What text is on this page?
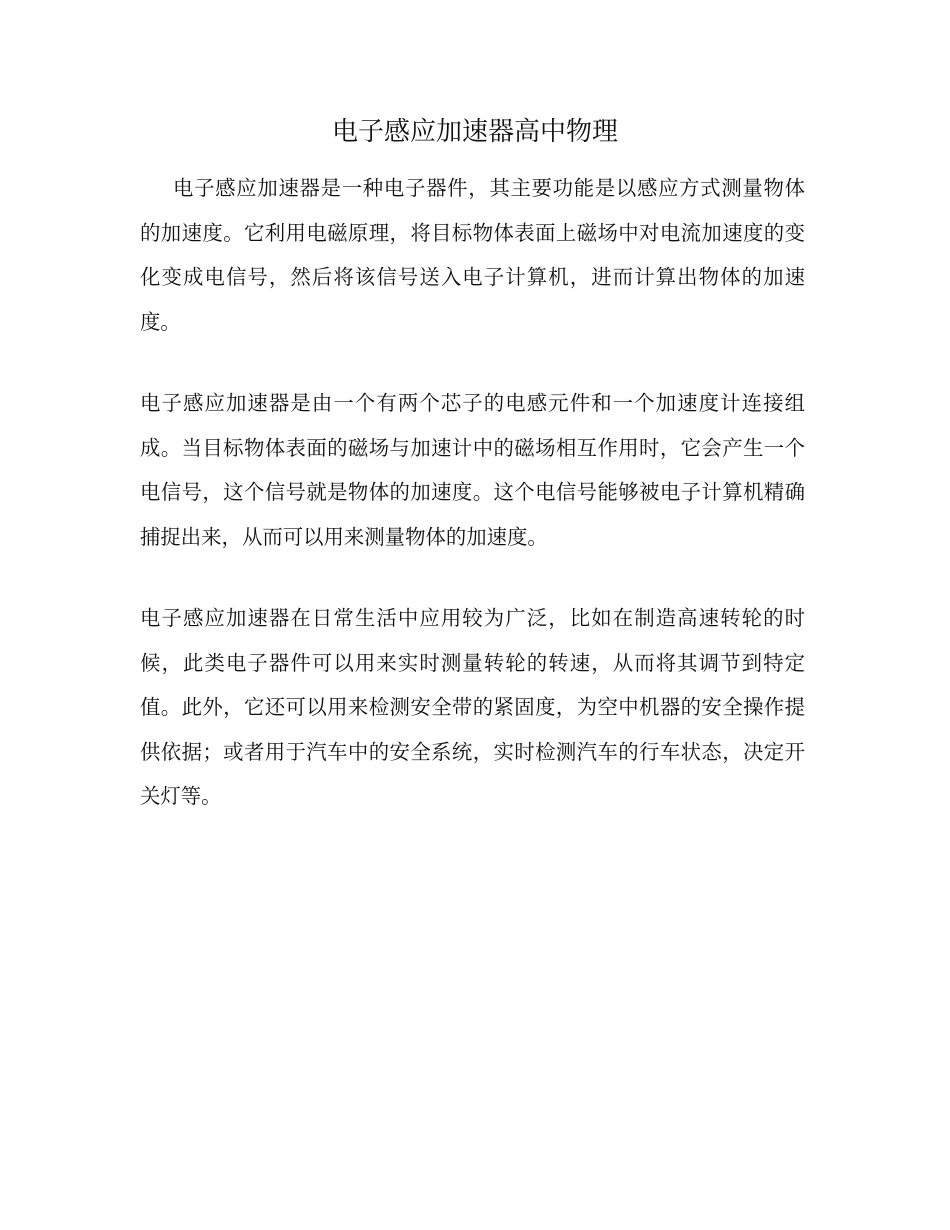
电子感应加速器高中物理

电子感应加速器是一种电子器件，其主要功能是以感应方式测量物体的加速度。它利用电磁原理，将目标物体表面上磁场中对电流加速度的变化变成电信号，然后将该信号送入电子计算机，进而计算出物体的加速度。

电子感应加速器是由一个有两个芯子的电感元件和一个加速度计连接组成。当目标物体表面的磁场与加速计中的磁场相互作用时，它会产生一个电信号，这个信号就是物体的加速度。这个电信号能够被电子计算机精确捕捉出来，从而可以用来测量物体的加速度。

电子感应加速器在日常生活中应用较为广泛，比如在制造高速转轮的时候，此类电子器件可以用来实时测量转轮的转速，从而将其调节到特定值。此外，它还可以用来检测安全带的紧固度，为空中机器的安全操作提供依据；或者用于汽车中的安全系统，实时检测汽车的行车状态，决定开关灯等。
